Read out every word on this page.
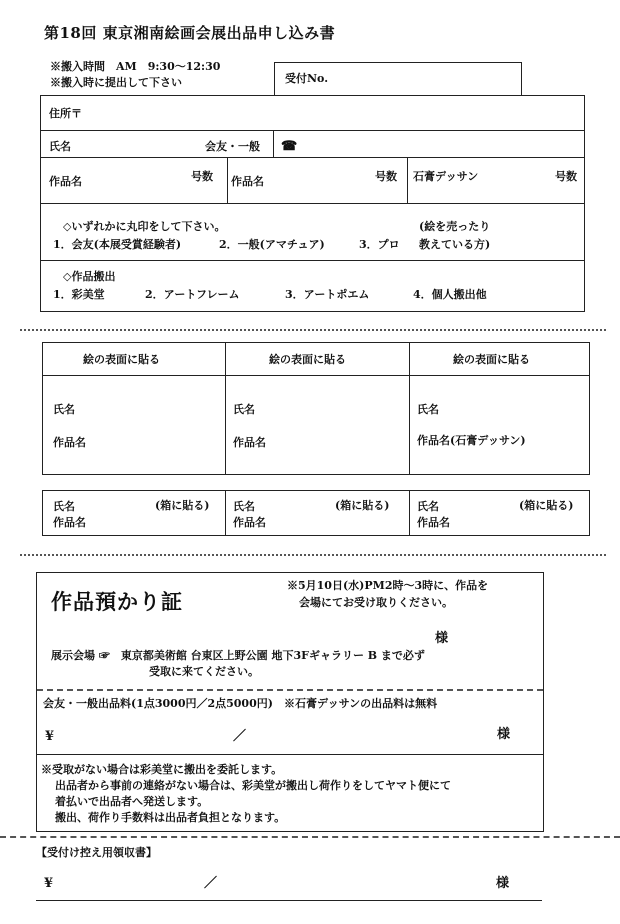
第18回 東京湘南絵画会展出品申し込み書
※搬入時間　AM　9:30～12:30
※搬入時に提出して下さい	受付No.
住所〒
氏名	会友・一般 ☎
作品名	号数 作品名	号数 石膏デッサン	号数
◇いずれかに丸印をして下さい。	(絵を売ったり
1．会友(本展受賞経験者)	2．一般(アマチュア)	3．プロ 教えている方)
◇作品搬出
1．彩美堂	2．アートフレーム	3．アートポエム	4．個人搬出他
絵の表面に貼る	絵の表面に貼る	絵の表面に貼る
氏名	氏名	氏名
作品名	作品名	作品名(石膏デッサン)
氏名	(箱に貼る)
作品名
氏名	(箱に貼る)
作品名
氏名	(箱に貼る)
作品名
作品預かり証
※5月10日(水)PM2時～3時に、作品を
会場にてお受け取りください。
様
展示会場 ☞　東京都美術館 台東区上野公園 地下3Fギャラリー B まで必ず
受取に来てください。
会友・一般出品料(1点3000円／2点5000円)　※石膏デッサンの出品料は無料
¥	／	様
※受取がない場合は彩美堂に搬出を委託します。
出品者から事前の連絡がない場合は、彩美堂が搬出し荷作りをしてヤマト便にて
着払いで出品者へ発送します。
搬出、荷作り手数料は出品者負担となります。
【受付け控え用領収書】
¥	／	様
